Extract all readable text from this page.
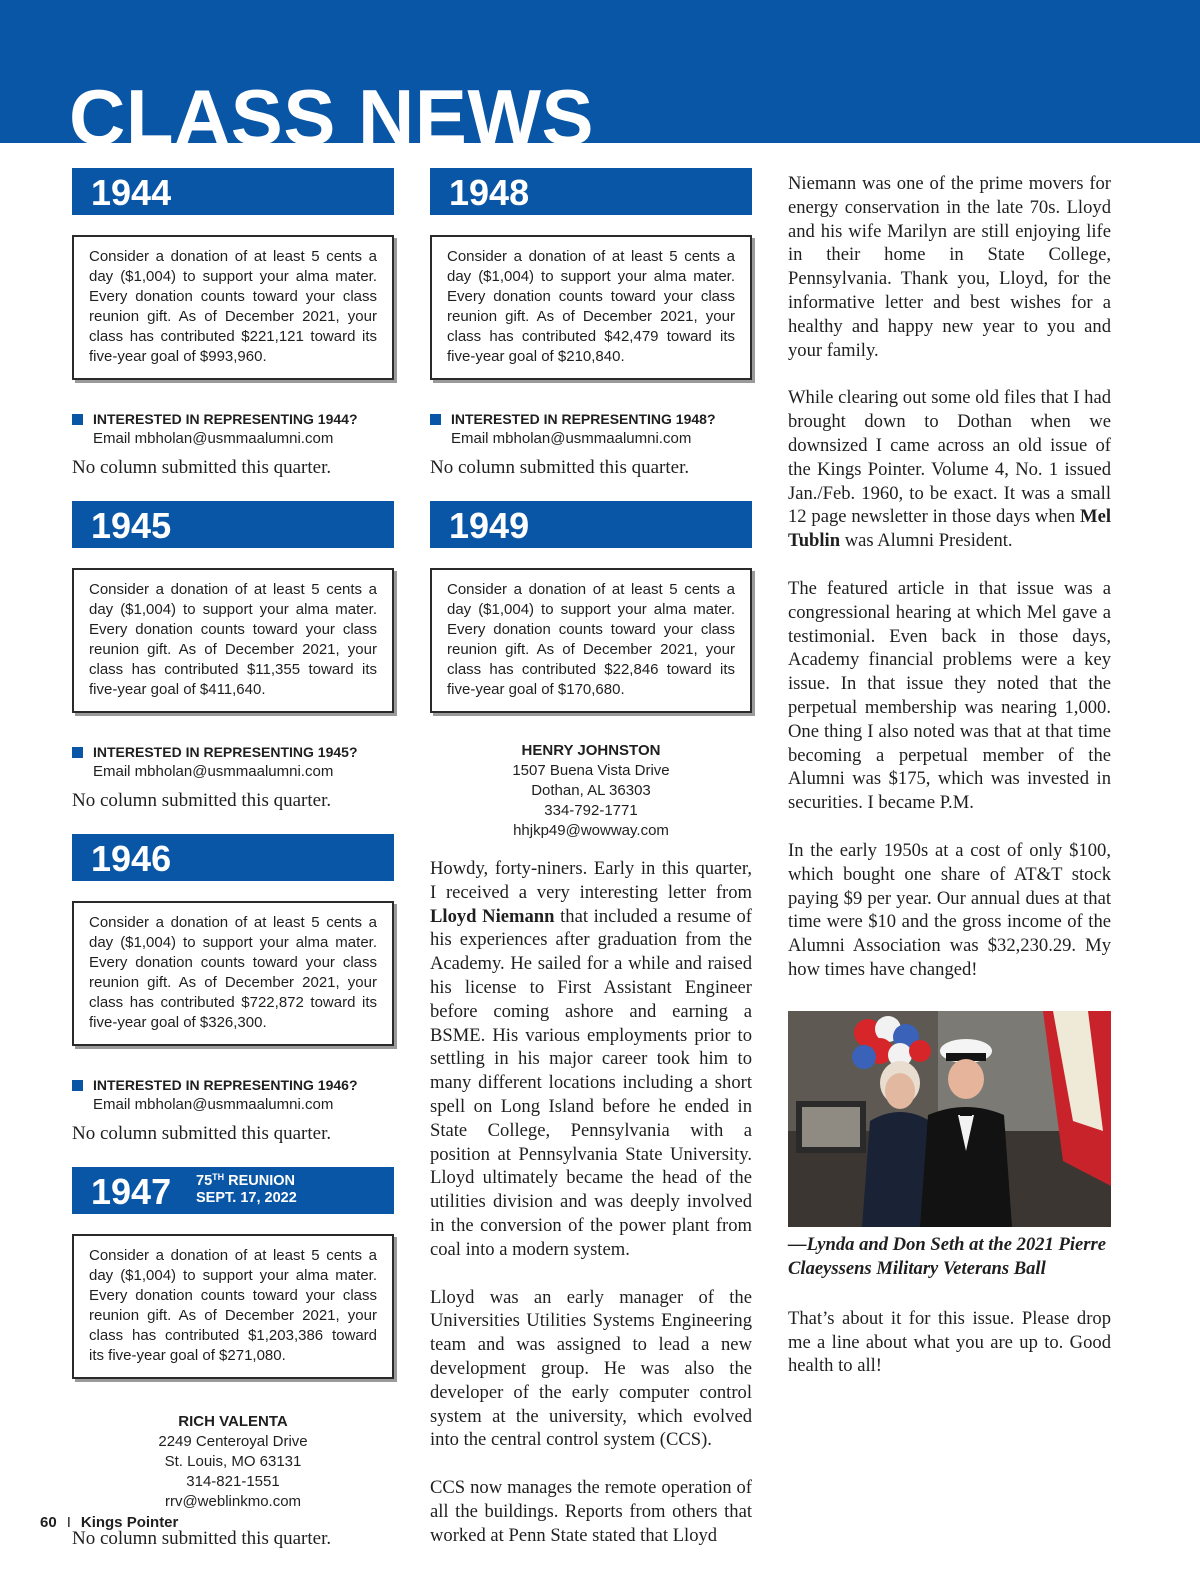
CLASS NEWS
1944
Consider a donation of at least 5 cents a day ($1,004) to support your alma mater. Every donation counts toward your class reunion gift. As of December 2021, your class has contributed $221,121 toward its five-year goal of $993,960.
INTERESTED IN REPRESENTING 1944?
Email mbholan@usmmaalumni.com
No column submitted this quarter.
1945
Consider a donation of at least 5 cents a day ($1,004) to support your alma mater. Every donation counts toward your class reunion gift. As of December 2021, your class has contributed $11,355 toward its five-year goal of $411,640.
INTERESTED IN REPRESENTING 1945?
Email mbholan@usmmaalumni.com
No column submitted this quarter.
1946
Consider a donation of at least 5 cents a day ($1,004) to support your alma mater. Every donation counts toward your class reunion gift. As of December 2021, your class has contributed $722,872 toward its five-year goal of $326,300.
INTERESTED IN REPRESENTING 1946?
Email mbholan@usmmaalumni.com
No column submitted this quarter.
1947 75TH REUNION
SEPT. 17, 2022
Consider a donation of at least 5 cents a day ($1,004) to support your alma mater. Every donation counts toward your class reunion gift. As of December 2021, your class has contributed $1,203,386 toward its five-year goal of $271,080.
RICH VALENTA
2249 Centeroyal Drive
St. Louis, MO 63131
314-821-1551
rrv@weblinkmo.com
No column submitted this quarter.
1948
Consider a donation of at least 5 cents a day ($1,004) to support your alma mater. Every donation counts toward your class reunion gift. As of December 2021, your class has contributed $42,479 toward its five-year goal of $210,840.
INTERESTED IN REPRESENTING 1948?
Email mbholan@usmmaalumni.com
No column submitted this quarter.
1949
Consider a donation of at least 5 cents a day ($1,004) to support your alma mater. Every donation counts toward your class reunion gift. As of December 2021, your class has contributed $22,846 toward its five-year goal of $170,680.
HENRY JOHNSTON
1507 Buena Vista Drive
Dothan, AL 36303
334-792-1771
hhjkp49@wowway.com

Howdy, forty-niners. Early in this quarter, I received a very interesting letter from Lloyd Niemann that included a resume of his experiences after graduation from the Academy. He sailed for a while and raised his license to First Assistant Engineer before coming ashore and earning a BSME. His various employments prior to settling in his major career took him to many different locations including a short spell on Long Island before he ended in State College, Pennsylvania with a position at Pennsylvania State University. Lloyd ultimately became the head of the utilities division and was deeply involved in the conversion of the power plant from coal into a modern system.

Lloyd was an early manager of the Universities Utilities Systems Engineering team and was assigned to lead a new development group. He was also the developer of the early computer control system at the university, which evolved into the central control system (CCS).

CCS now manages the remote operation of all the buildings. Reports from others that worked at Penn State stated that Lloyd

Niemann was one of the prime movers for energy conservation in the late 70s. Lloyd and his wife Marilyn are still enjoying life in their home in State College, Pennsylvania. Thank you, Lloyd, for the informative letter and best wishes for a healthy and happy new year to you and your family.

While clearing out some old files that I had brought down to Dothan when we downsized I came across an old issue of the Kings Pointer. Volume 4, No. 1 issued Jan./Feb. 1960, to be exact. It was a small 12 page newsletter in those days when Mel Tublin was Alumni President.

The featured article in that issue was a congressional hearing at which Mel gave a testimonial. Even back in those days, Academy financial problems were a key issue. In that issue they noted that the perpetual membership was nearing 1,000. One thing I also noted was that at that time becoming a perpetual member of the Alumni was $175, which was invested in securities. I became P.M.

In the early 1950s at a cost of only $100, which bought one share of AT&T stock paying $9 per year. Our annual dues at that time were $10 and the gross income of the Alumni Association was $32,230.29. My how times have changed!

—Lynda and Don Seth at the 2021 Pierre Claeyssens Military Veterans Ball

That’s about it for this issue. Please drop me a line about what you are up to. Good health to all!

60 I Kings Pointer
